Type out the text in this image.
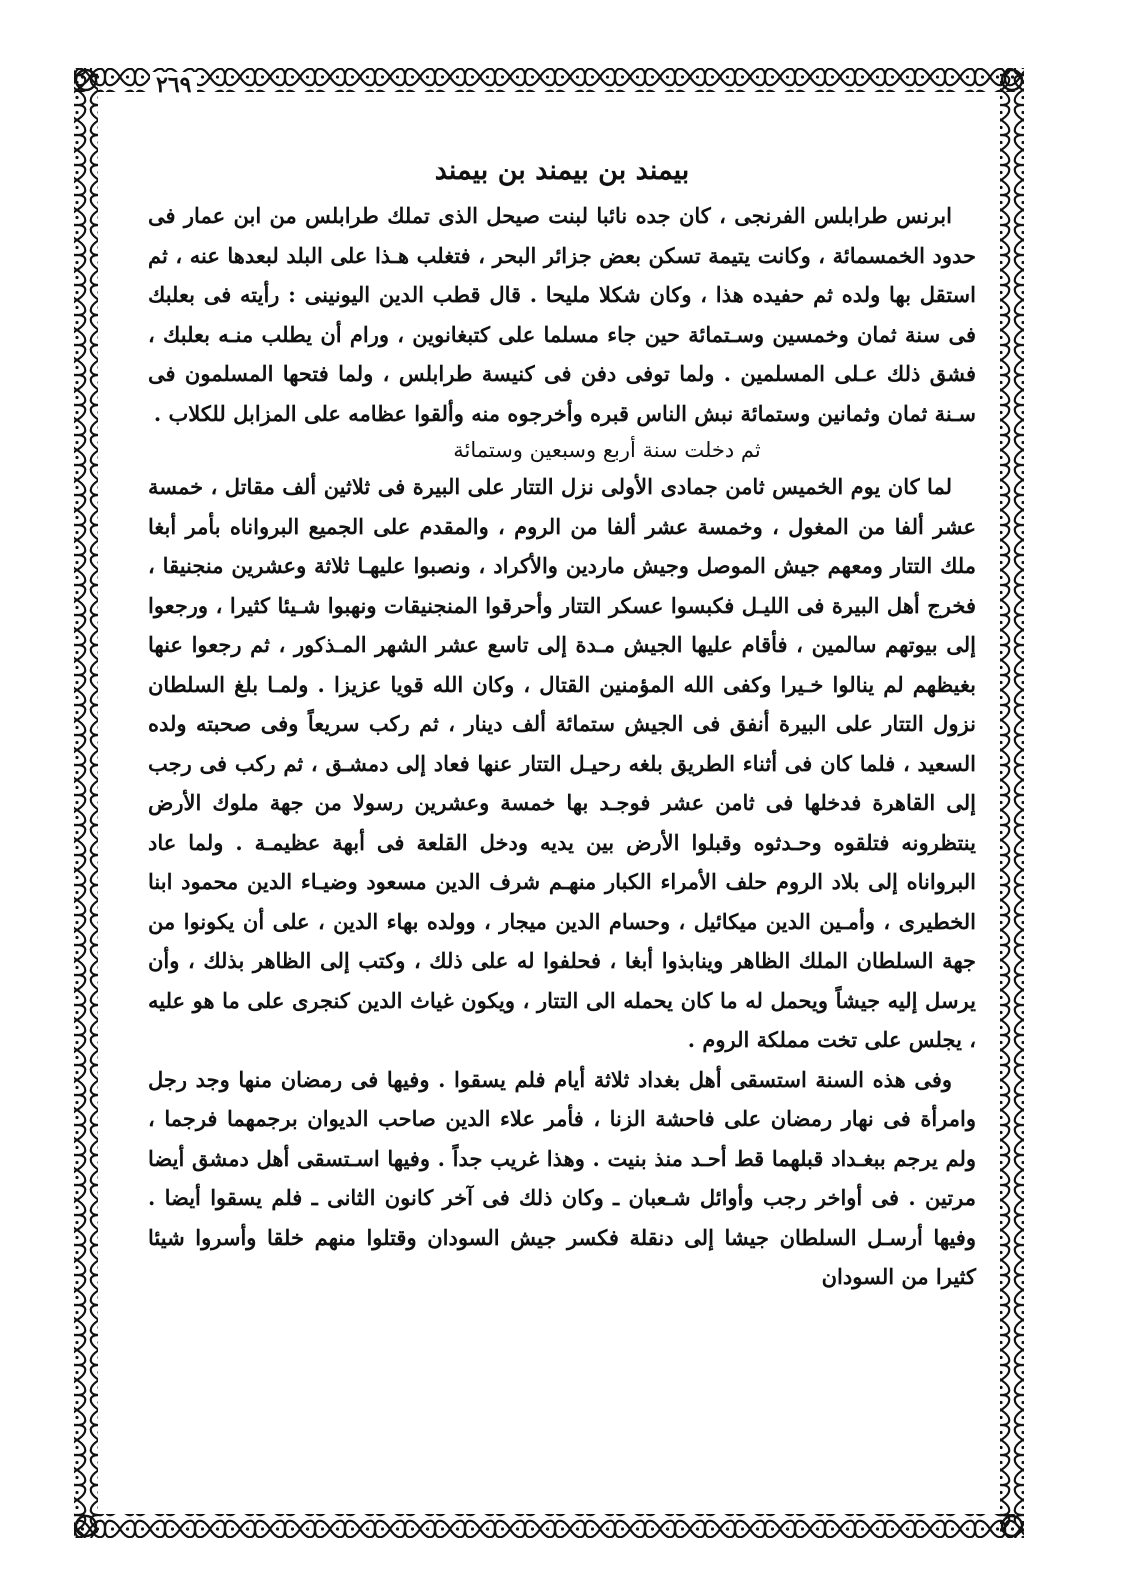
٢٦٩
بيمند بن بيمند بن بيمند

ابرنس طرابلس الفرنجى ، كان جده نائبا لبنت صيحل الذى تملك طرابلس من ابن عمار فى حدود الخمسمائة ، وكانت يتيمة تسكن بعض جزائر البحر ، فتغلب هـذا على البلد لبعدها عنه ، ثم استقل بها ولده ثم حفيده هذا ، وكان شكلا مليحا . قال قطب الدين اليونينى : رأيته فى بعلبك فى سنة ثمان وخمسين وسـتمائة حين جاء مسلما على كتبغانوين ، ورام أن يطلب منـه بعلبك ، فشق ذلك عـلى المسلمين . ولما توفى دفن فى كنيسة طرابلس ، ولما فتحها المسلمون فى سـنة ثمان وثمانين وستمائة نبش الناس قبره وأخرجوه منه وألقوا عظامه على المزابل للكلاب .

ثم دخلت سنة أربع وسبعين وستمائة

لما كان يوم الخميس ثامن جمادى الأولى نزل التتار على البيرة فى ثلاثين ألف مقاتل ، خمسة عشر ألفا من المغول ، وخمسة عشر ألفا من الروم ، والمقدم على الجميع البرواناه بأمر أبغا ملك التتار ومعهم جيش الموصل وجيش ماردين والأكراد ، ونصبوا عليهـا ثلاثة وعشرين منجنيقا ، فخرج أهل البيرة فى الليـل فكبسوا عسكر التتار وأحرقوا المنجنيقات ونهبوا شـيئا كثيرا ، ورجعوا إلى بيوتهم سالمين ، فأقام عليها الجيش مـدة إلى تاسع عشر الشهر المـذكور ، ثم رجعوا عنها بغيظهم لم ينالوا خـيرا وكفى الله المؤمنين القتال ، وكان الله قويا عزيزا . ولمـا بلغ السلطان نزول التتار على البيرة أنفق فى الجيش ستمائة ألف دينار ، ثم ركب سريعاً وفى صحبته ولده السعيد ، فلما كان فى أثناء الطريق بلغه رحيـل التتار عنها فعاد إلى دمشـق ، ثم ركب فى رجب إلى القاهرة فدخلها فى ثامن عشر فوجـد بها خمسة وعشرين رسولا من جهة ملوك الأرض ينتظرونه فتلقوه وحـدثوه وقبلوا الأرض بين يديه ودخل القلعة فى أبهة عظيمـة . ولما عاد البرواناه إلى بلاد الروم حلف الأمراء الكبار منهـم شرف الدين مسعود وضيـاء الدين محمود ابنا الخطيرى ، وأمـين الدين ميكائيل ، وحسام الدين ميجار ، وولده بهاء الدين ، على أن يكونوا من جهة السلطان الملك الظاهر وينابذوا أبغا ، فحلفوا له على ذلك ، وكتب إلى الظاهر بذلك ، وأن يرسل إليه جيشاً ويحمل له ما كان يحمله الى التتار ، ويكون غياث الدين كنجرى على ما هو عليه ، يجلس على تخت مملكة الروم .

وفى هذه السنة استسقى أهل بغداد ثلاثة أيام فلم يسقوا . وفيها فى رمضان منها وجد رجل وامرأة فى نهار رمضان على فاحشة الزنا ، فأمر علاء الدين صاحب الديوان برجمهما فرجما ، ولم يرجم ببغـداد قبلهما قط أحـد منذ بنيت . وهذا غريب جداً . وفيها اسـتسقى أهل دمشق أيضا مرتين . فى أواخر رجب وأوائل شـعبان ـ وكان ذلك فى آخر كانون الثانى ـ فلم يسقوا أيضا . وفيها أرسـل السلطان جيشا إلى دنقلة فكسر جيش السودان وقتلوا منهم خلقا وأسروا شيئا كثيرا من السودان
